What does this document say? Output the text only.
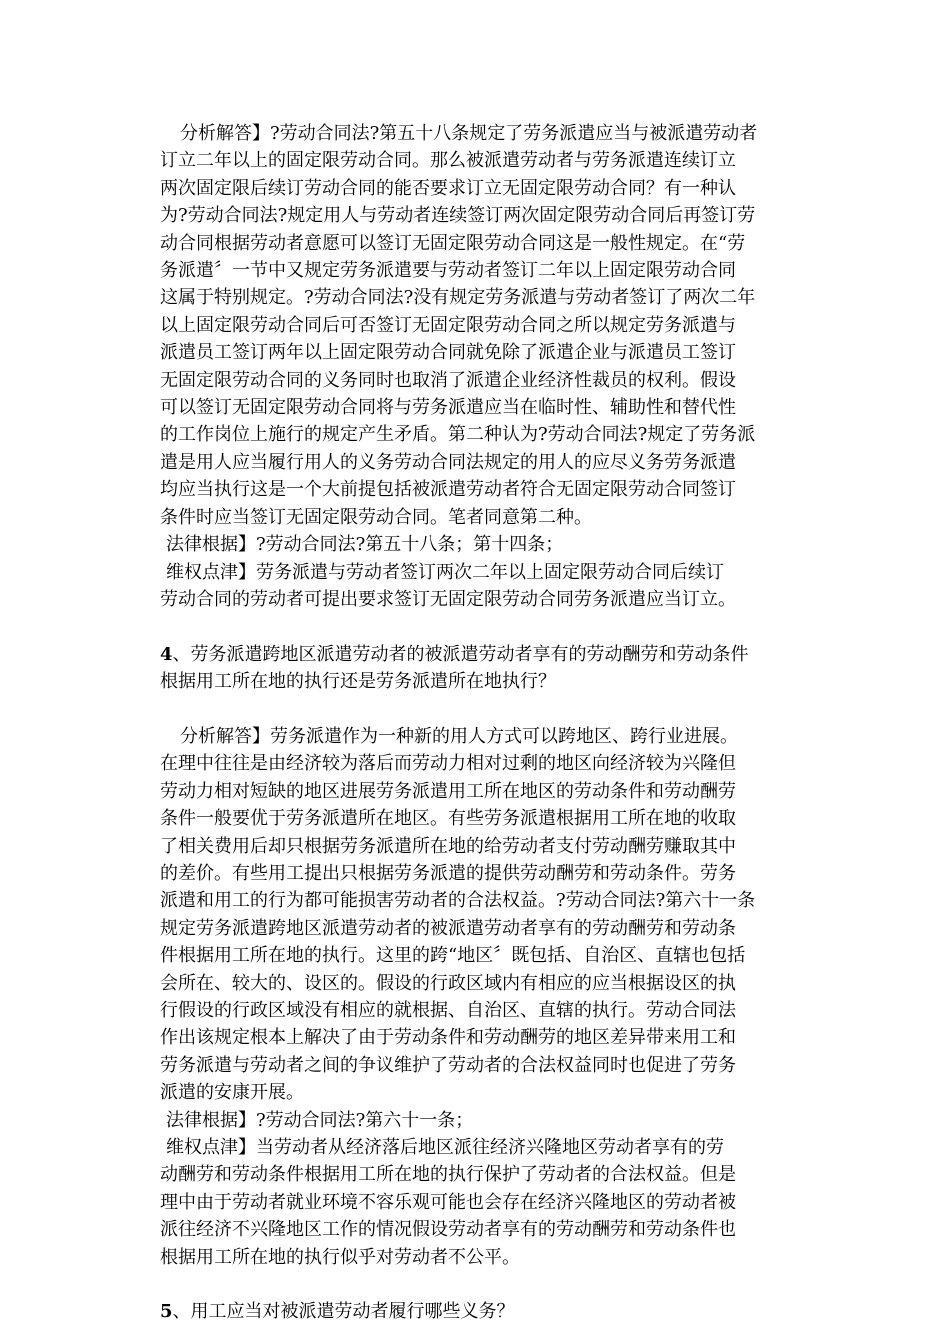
分析解答】?劳动合同法?第五十八条规定了劳务派遣应当与被派遣劳动者
订立二年以上的固定限劳动合同。那么被派遣劳动者与劳务派遣连续订立
两次固定限后续订劳动合同的能否要求订立无固定限劳动合同？有一种认
为?劳动合同法?规定用人与劳动者连续签订两次固定限劳动合同后再签订劳
动合同根据劳动者意愿可以签订无固定限劳动合同这是一般性规定。在“劳
务派遣〞一节中又规定劳务派遣要与劳动者签订二年以上固定限劳动合同
这属于特别规定。?劳动合同法?没有规定劳务派遣与劳动者签订了两次二年
以上固定限劳动合同后可否签订无固定限劳动合同之所以规定劳务派遣与
派遣员工签订两年以上固定限劳动合同就免除了派遣企业与派遣员工签订
无固定限劳动合同的义务同时也取消了派遣企业经济性裁员的权利。假设
可以签订无固定限劳动合同将与劳务派遣应当在临时性、辅助性和替代性
的工作岗位上施行的规定产生矛盾。第二种认为?劳动合同法?规定了劳务派
遣是用人应当履行用人的义务劳动合同法规定的用人的应尽义务劳务派遣
均应当执行这是一个大前提包括被派遣劳动者符合无固定限劳动合同签订
条件时应当签订无固定限劳动合同。笔者同意第二种。
法律根据】?劳动合同法?第五十八条；第十四条；
维权点津】劳务派遣与劳动者签订两次二年以上固定限劳动合同后续订
劳动合同的劳动者可提出要求签订无固定限劳动合同劳务派遣应当订立。
4、劳务派遣跨地区派遣劳动者的被派遣劳动者享有的劳动酬劳和劳动条件
根据用工所在地的执行还是劳务派遣所在地执行？
分析解答】劳务派遣作为一种新的用人方式可以跨地区、跨行业进展。
在理中往往是由经济较为落后而劳动力相对过剩的地区向经济较为兴隆但
劳动力相对短缺的地区进展劳务派遣用工所在地区的劳动条件和劳动酬劳
条件一般要优于劳务派遣所在地区。有些劳务派遣根据用工所在地的收取
了相关费用后却只根据劳务派遣所在地的给劳动者支付劳动酬劳赚取其中
的差价。有些用工提出只根据劳务派遣的提供劳动酬劳和劳动条件。劳务
派遣和用工的行为都可能损害劳动者的合法权益。?劳动合同法?第六十一条
规定劳务派遣跨地区派遣劳动者的被派遣劳动者享有的劳动酬劳和劳动条
件根据用工所在地的执行。这里的跨“地区〞既包括、自治区、直辖也包括
会所在、较大的、设区的。假设的行政区域内有相应的应当根据设区的执
行假设的行政区域没有相应的就根据、自治区、直辖的执行。劳动合同法
作出该规定根本上解决了由于劳动条件和劳动酬劳的地区差异带来用工和
劳务派遣与劳动者之间的争议维护了劳动者的合法权益同时也促进了劳务
派遣的安康开展。
法律根据】?劳动合同法?第六十一条；
维权点津】当劳动者从经济落后地区派往经济兴隆地区劳动者享有的劳
动酬劳和劳动条件根据用工所在地的执行保护了劳动者的合法权益。但是
理中由于劳动者就业环境不容乐观可能也会存在经济兴隆地区的劳动者被
派往经济不兴隆地区工作的情况假设劳动者享有的劳动酬劳和劳动条件也
根据用工所在地的执行似乎对劳动者不公平。
5、用工应当对被派遣劳动者履行哪些义务？
